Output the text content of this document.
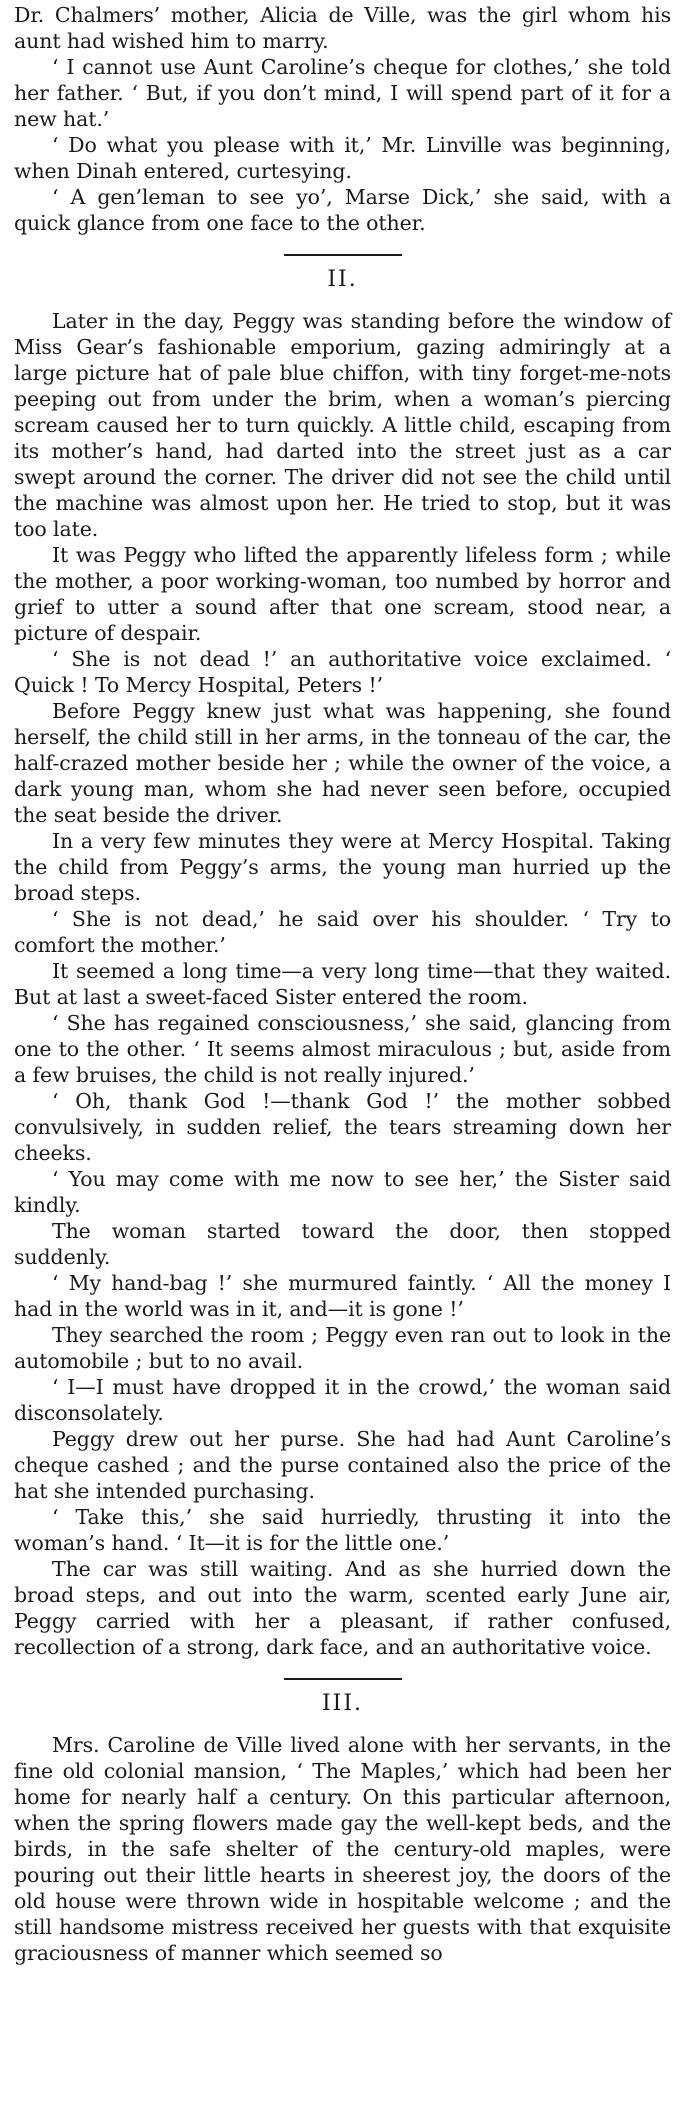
Dr. Chalmers’ mother, Alicia de Ville, was the girl whom his aunt had wished him to marry.

‘ I cannot use Aunt Caroline’s cheque for clothes,’ she told her father. ‘ But, if you don’t mind, I will spend part of it for a new hat.’

‘ Do what you please with it,’ Mr. Linville was beginning, when Dinah entered, curtesying.

‘ A gen’leman to see yo’, Marse Dick,’ she said, with a quick glance from one face to the other.

II.

Later in the day, Peggy was standing before the window of Miss Gear’s fashionable emporium, gazing admiringly at a large picture hat of pale blue chiffon, with tiny forget-me-nots peeping out from under the brim, when a woman’s piercing scream caused her to turn quickly. A little child, escaping from its mother’s hand, had darted into the street just as a car swept around the corner. The driver did not see the child until the machine was almost upon her. He tried to stop, but it was too late.

It was Peggy who lifted the apparently lifeless form ; while the mother, a poor working-woman, too numbed by horror and grief to utter a sound after that one scream, stood near, a picture of despair.

‘ She is not dead !’ an authoritative voice exclaimed. ‘ Quick ! To Mercy Hospital, Peters !’

Before Peggy knew just what was happening, she found herself, the child still in her arms, in the tonneau of the car, the half-crazed mother beside her ; while the owner of the voice, a dark young man, whom she had never seen before, occupied the seat beside the driver.

In a very few minutes they were at Mercy Hospital. Taking the child from Peggy’s arms, the young man hurried up the broad steps.

‘ She is not dead,’ he said over his shoulder. ‘ Try to comfort the mother.’

It seemed a long time—a very long time—that they waited. But at last a sweet-faced Sister entered the room.

‘ She has regained consciousness,’ she said, glancing from one to the other. ‘ It seems almost miraculous ; but, aside from a few bruises, the child is not really injured.’

‘ Oh, thank God !—thank God !’ the mother sobbed convulsively, in sudden relief, the tears streaming down her cheeks.

‘ You may come with me now to see her,’ the Sister said kindly.

The woman started toward the door, then stopped suddenly.

‘ My hand-bag !’ she murmured faintly. ‘ All the money I had in the world was in it, and—it is gone !’

They searched the room ; Peggy even ran out to look in the automobile ; but to no avail.

‘ I—I must have dropped it in the crowd,’ the woman said disconsolately.

Peggy drew out her purse. She had had Aunt Caroline’s cheque cashed ; and the purse contained also the price of the hat she intended purchasing.

‘ Take this,’ she said hurriedly, thrusting it into the woman’s hand. ‘ It—it is for the little one.’

The car was still waiting. And as she hurried down the broad steps, and out into the warm, scented early June air, Peggy carried with her a pleasant, if rather confused, recollection of a strong, dark face, and an authoritative voice.

III.

Mrs. Caroline de Ville lived alone with her servants, in the fine old colonial mansion, ‘ The Maples,’ which had been her home for nearly half a century. On this particular afternoon, when the spring flowers made gay the well-kept beds, and the birds, in the safe shelter of the century-old maples, were pouring out their little hearts in sheerest joy, the doors of the old house were thrown wide in hospitable welcome ; and the still handsome mistress received her guests with that exquisite graciousness of manner which seemed so
